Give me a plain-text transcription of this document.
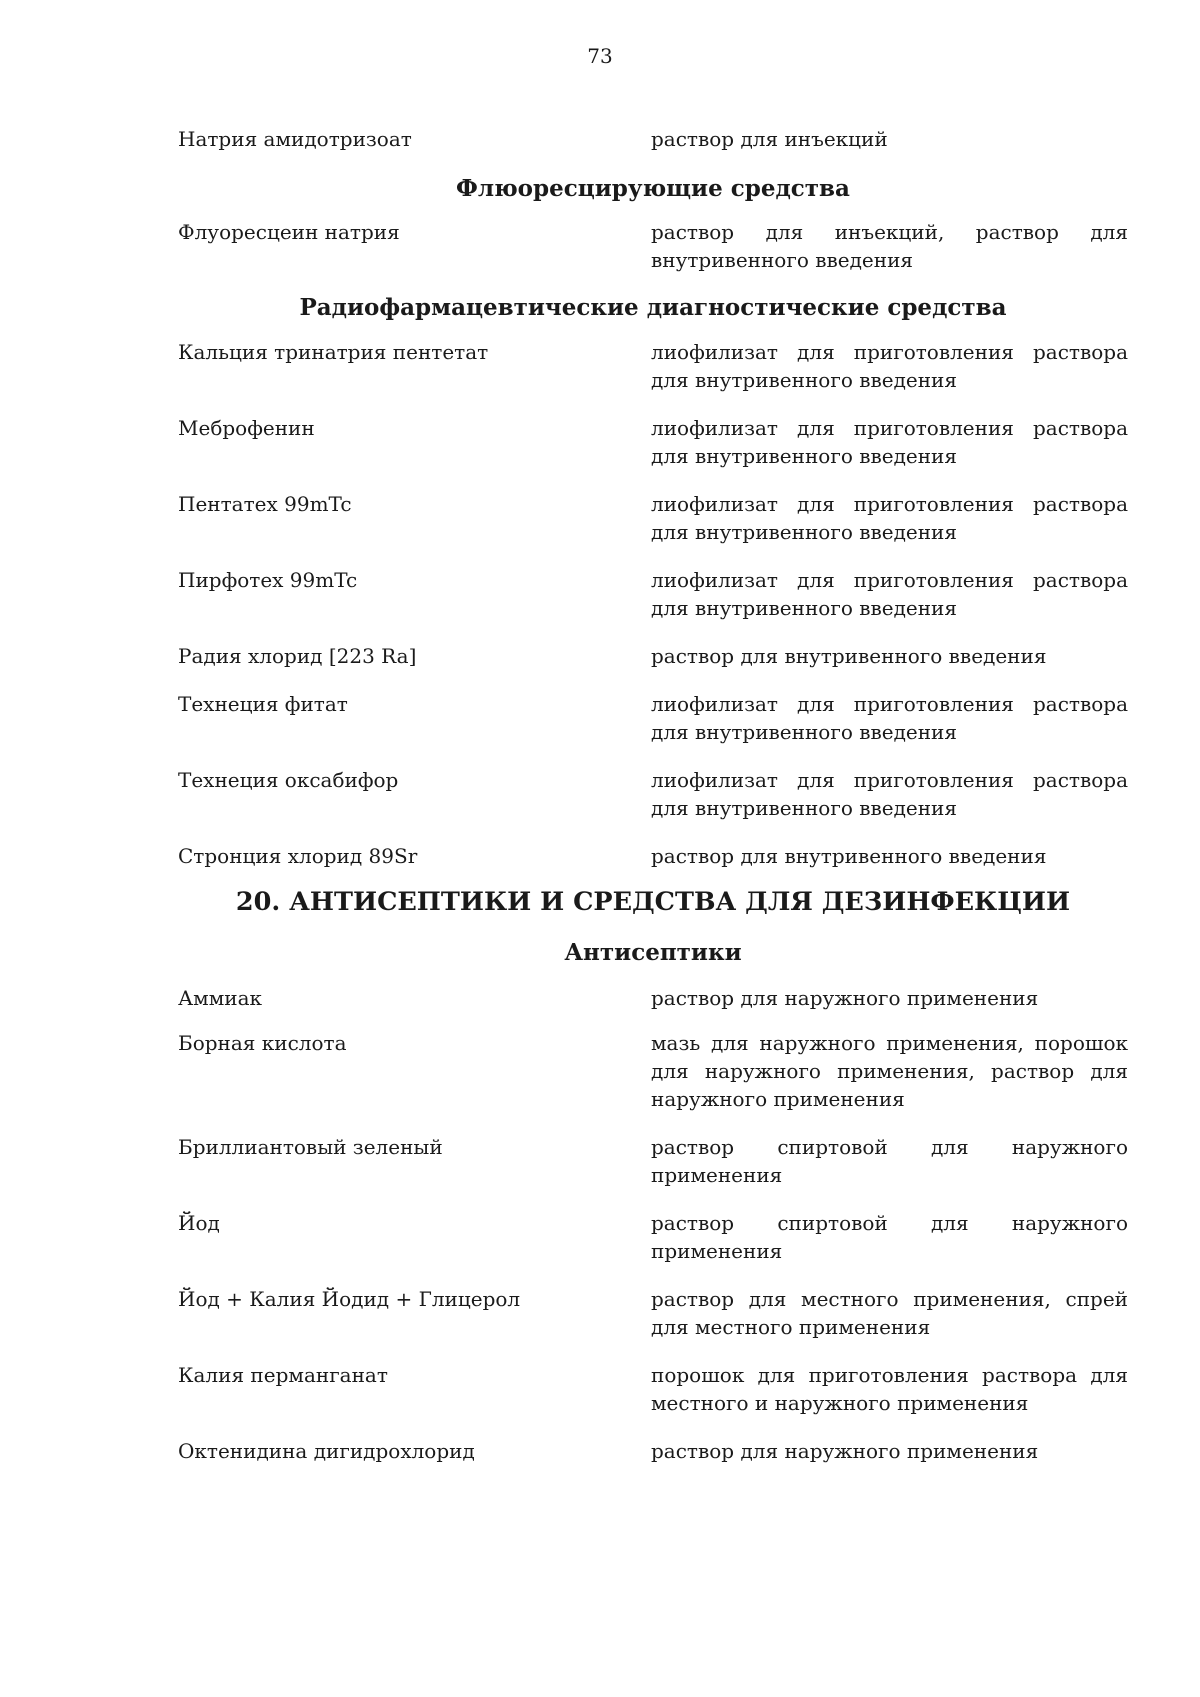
73
Натрия амидотризоат	раствор для инъекций
Флюоресцирующие средства
Флуоресцеин натрия	раствор для инъекций, раствор для внутривенного введения
Радиофармацевтические диагностические средства
Кальция тринатрия пентетат	лиофилизат для приготовления раствора для внутривенного введения
Меброфенин	лиофилизат для приготовления раствора для внутривенного введения
Пентатех 99mTc	лиофилизат для приготовления раствора для внутривенного введения
Пирфотех 99mTc	лиофилизат для приготовления раствора для внутривенного введения
Радия хлорид [223 Ra]	раствор для внутривенного введения
Технеция фитат	лиофилизат для приготовления раствора для внутривенного введения
Технеция оксабифор	лиофилизат для приготовления раствора для внутривенного введения
Стронция хлорид 89Sr	раствор для внутривенного введения
20. АНТИСЕПТИКИ И СРЕДСТВА ДЛЯ ДЕЗИНФЕКЦИИ
Антисептики
Аммиак	раствор для наружного применения
Борная кислота	мазь для наружного применения, порошок для наружного применения, раствор для наружного применения
Бриллиантовый зеленый	раствор спиртовой для наружного применения
Йод	раствор спиртовой для наружного применения
Йод + Калия Йодид + Глицерол	раствор для местного применения, спрей для местного применения
Калия перманганат	порошок для приготовления раствора для местного и наружного применения
Октенидина дигидрохлорид	раствор для наружного применения
